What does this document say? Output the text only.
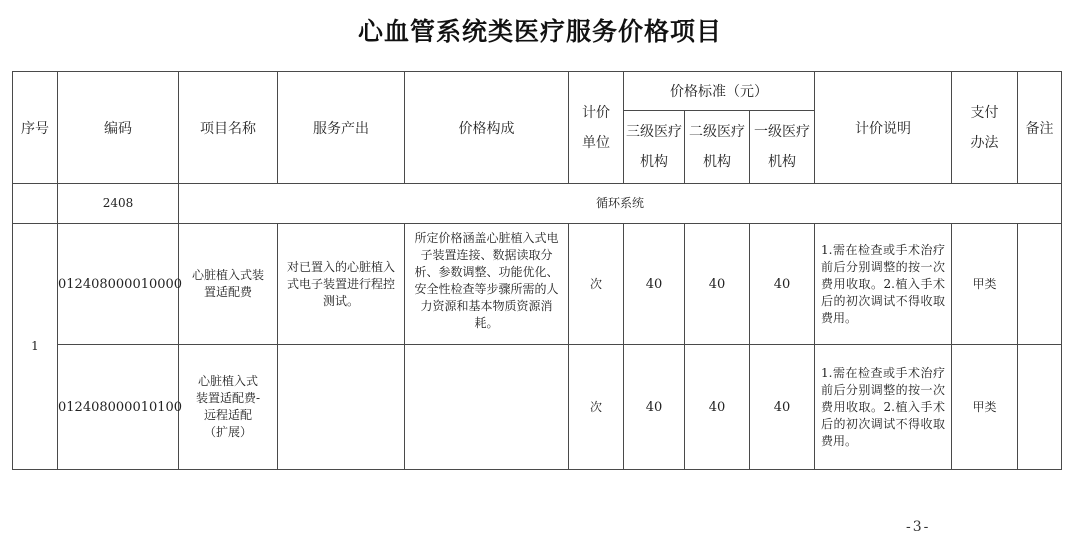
心血管系统类医疗服务价格项目
序号	编码	项目名称	服务产出	价格构成	计价单位	价格标准（元）			计价说明	支付办法	备注

						三级医疗机构	二级医疗机构	一级医疗机构			

	2408	循环系统									
1	012408000010000	心脏植入式装置适配费	对已置入的心脏植入式电子装置进行程控测试。	所定价格涵盖心脏植入式电子装置连接、数据读取分析、参数调整、功能优化、安全性检查等步骤所需的人力资源和基本物质资源消耗。	次	40	40	40	1.需在检查或手术治疗前后分别调整的按一次费用收取。2.植入手术后的初次调试不得收取费用。	甲类	
	012408000010100	心脏植入式装置适配费-远程适配（扩展）			次	40	40	40	1.需在检查或手术治疗前后分别调整的按一次费用收取。2.植入手术后的初次调试不得收取费用。	甲类	
-3-
